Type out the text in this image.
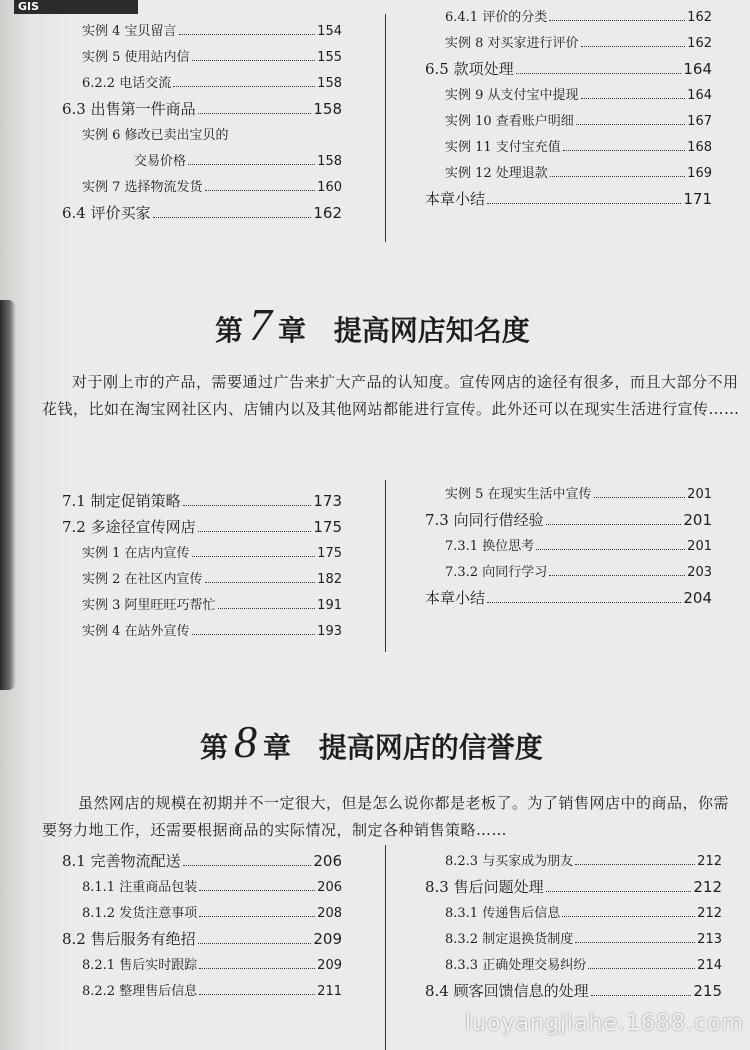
GIS
实例 4 宝贝留言	154
实例 5 使用站内信	155
6.2.2 电话交流	158
6.3 出售第一件商品	158
实例 6 修改已卖出宝贝的
交易价格	158
实例 7 选择物流发货	160
6.4 评价买家	162
6.4.1 评价的分类	162
实例 8 对买家进行评价	162
6.5 款项处理	164
实例 9 从支付宝中提现	164
实例 10 查看账户明细	167
实例 11 支付宝充值	168
实例 12 处理退款	169
本章小结	171
第 7 章 提高网店知名度
对于刚上市的产品，需要通过广告来扩大产品的认知度。宣传网店的途径有很多，而且大部分不用花钱，比如在淘宝网社区内、店铺内以及其他网站都能进行宣传。此外还可以在现实生活进行宣传……
7.1 制定促销策略	173
7.2 多途径宣传网店	175
实例 1 在店内宣传	175
实例 2 在社区内宣传	182
实例 3 阿里旺旺巧帮忙	191
实例 4 在站外宣传	193
实例 5 在现实生活中宣传	201
7.3 向同行借经验	201
7.3.1 换位思考	201
7.3.2 向同行学习	203
本章小结	204
第 8 章 提高网店的信誉度
虽然网店的规模在初期并不一定很大，但是怎么说你都是老板了。为了销售网店中的商品，你需要努力地工作，还需要根据商品的实际情况，制定各种销售策略……
8.1 完善物流配送	206
8.1.1 注重商品包装	206
8.1.2 发货注意事项	208
8.2 售后服务有绝招	209
8.2.1 售后实时跟踪	209
8.2.2 整理售后信息	211
8.2.3 与买家成为朋友	212
8.3 售后问题处理	212
8.3.1 传递售后信息	212
8.3.2 制定退换货制度	213
8.3.3 正确处理交易纠纷	214
8.4 顾客回馈信息的处理	215
luoyangjiahe.1688.com
